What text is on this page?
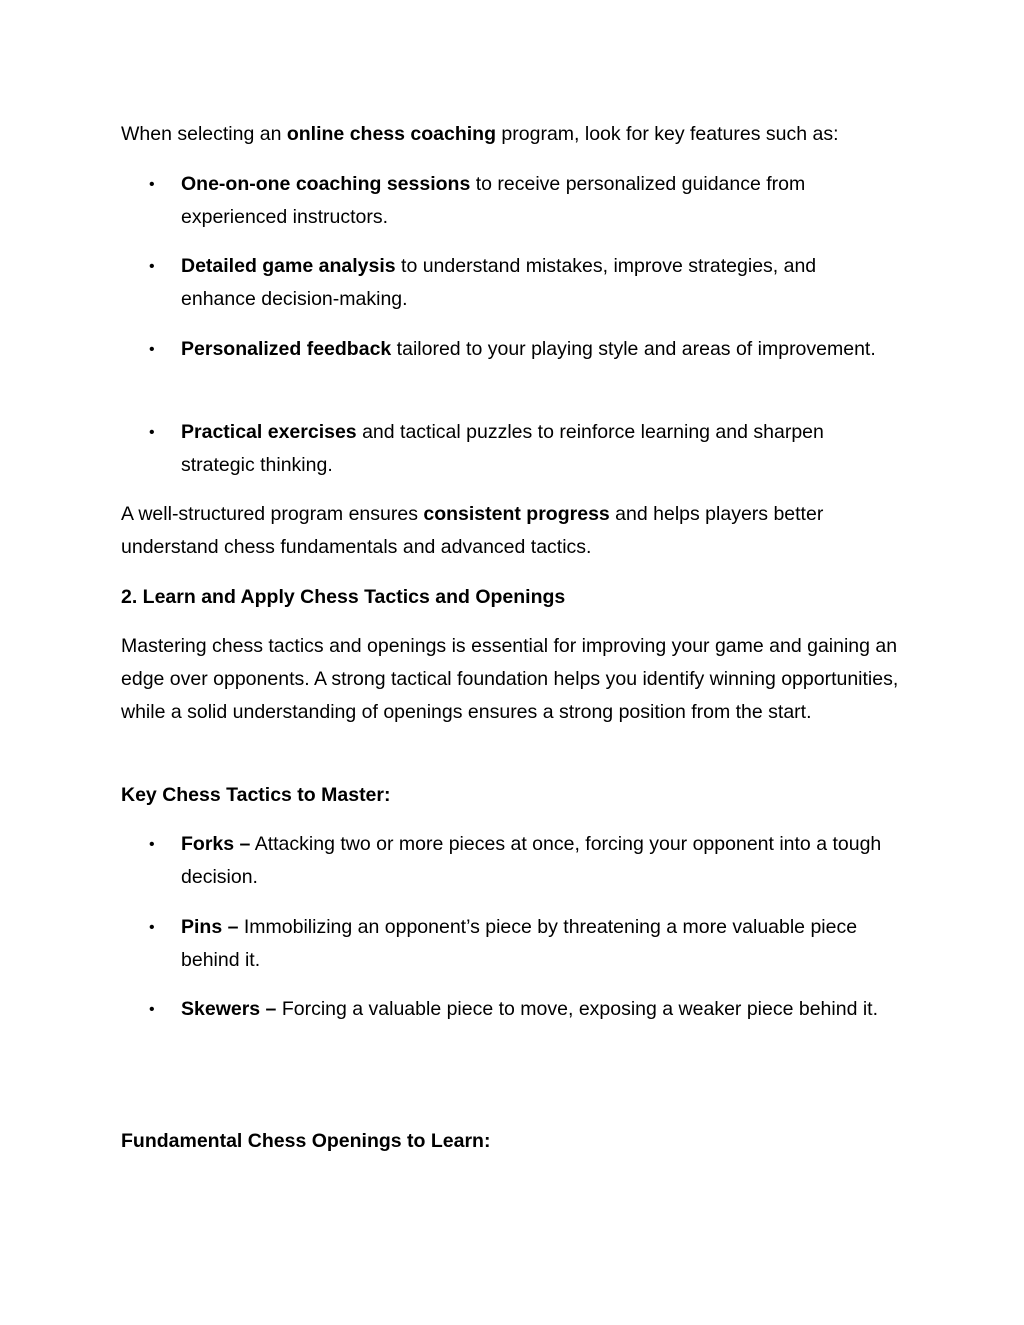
When selecting an online chess coaching program, look for key features such as:

•	One-on-one coaching sessions to receive personalized guidance from experienced instructors.
•	Detailed game analysis to understand mistakes, improve strategies, and enhance decision-making.
•	Personalized feedback tailored to your playing style and areas of improvement.
•	Practical exercises and tactical puzzles to reinforce learning and sharpen strategic thinking.

A well-structured program ensures consistent progress and helps players better understand chess fundamentals and advanced tactics.

2. Learn and Apply Chess Tactics and Openings

Mastering chess tactics and openings is essential for improving your game and gaining an edge over opponents. A strong tactical foundation helps you identify winning opportunities, while a solid understanding of openings ensures a strong position from the start.

Key Chess Tactics to Master:
•	Forks – Attacking two or more pieces at once, forcing your opponent into a tough decision.
•	Pins – Immobilizing an opponent’s piece by threatening a more valuable piece behind it.
•	Skewers – Forcing a valuable piece to move, exposing a weaker piece behind it.
Fundamental Chess Openings to Learn:
